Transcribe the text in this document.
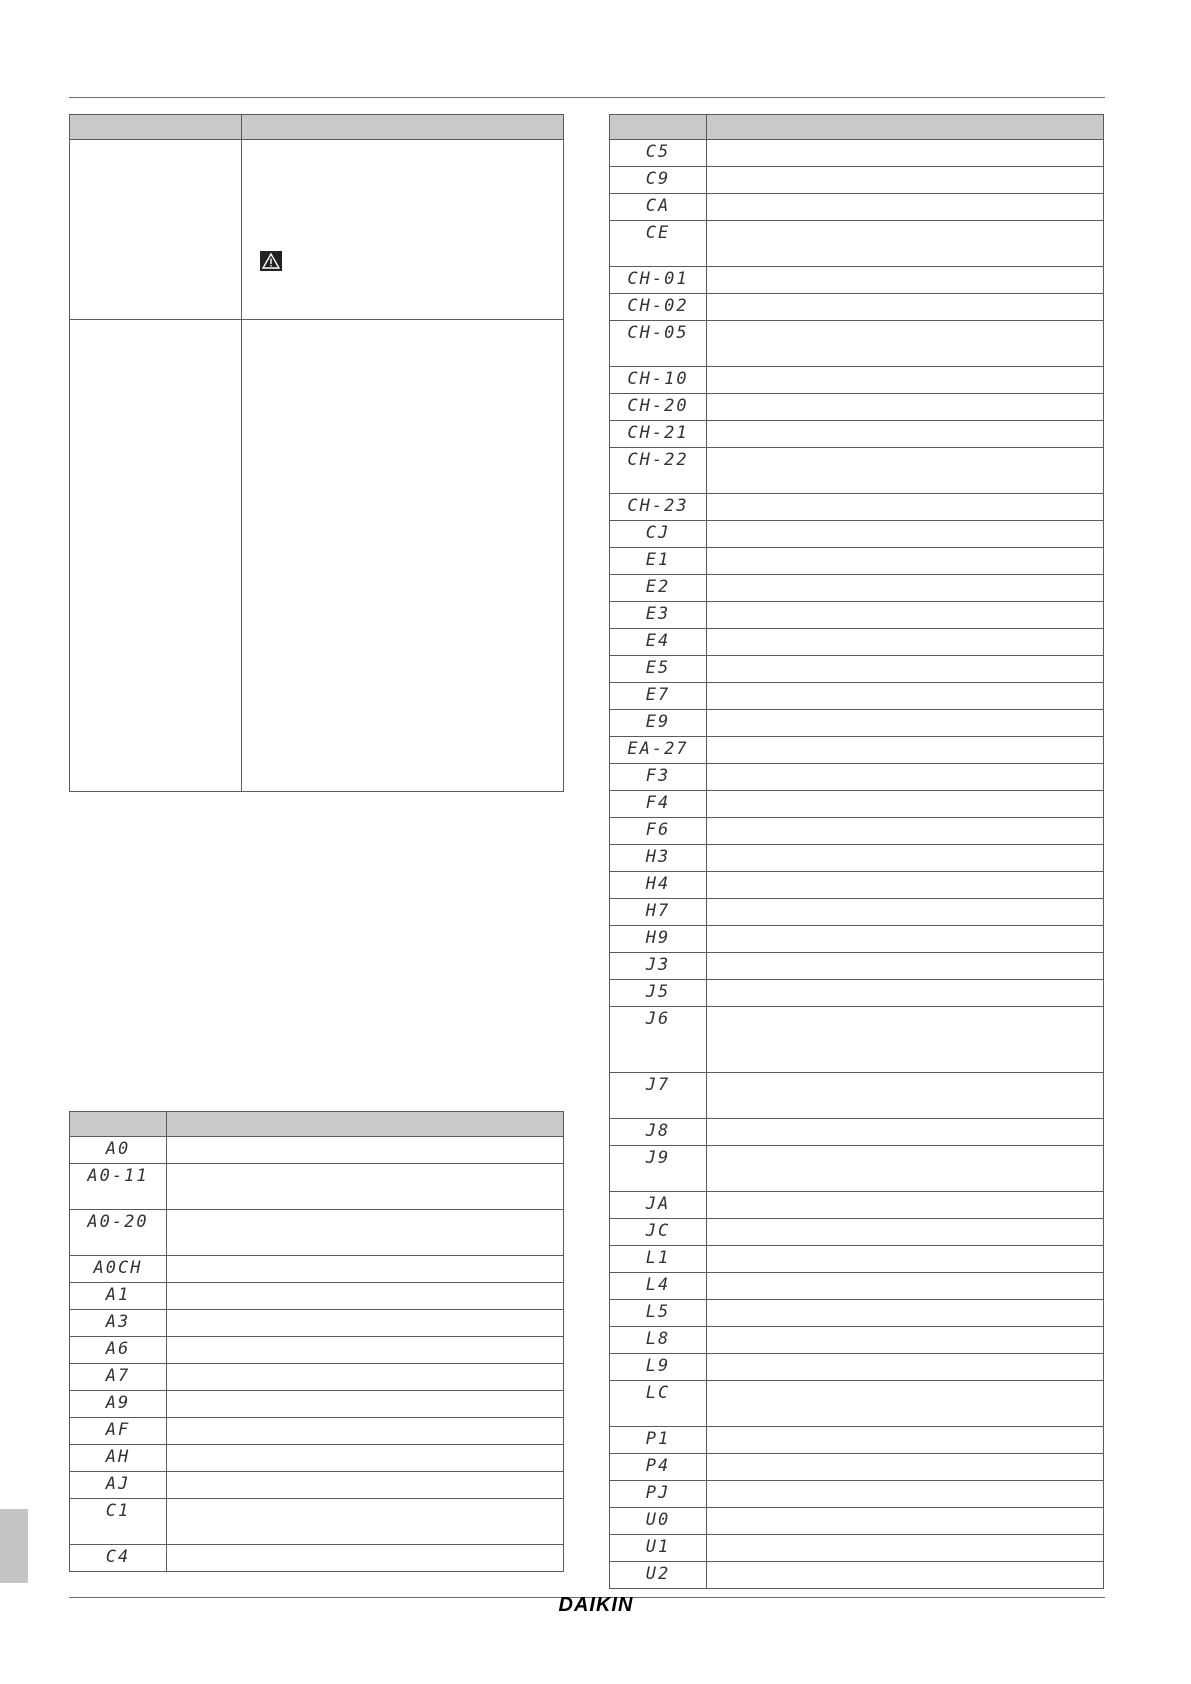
A0	
A0-11	
A0-20	
A0CH	
A1	
A3	
A6	
A7	
A9	
AF	
AH	
AJ	
C1	
C4	

C5	
C9	
CA	
CE	
CH-01	
CH-02	
CH-05	
CH-10	
CH-20	
CH-21	
CH-22	
CH-23	
CJ	
E1	
E2	
E3	
E4	
E5	
E7	
E9	
EA-27	
F3	
F4	
F6	
H3	
H4	
H7	
H9	
J3	
J5	
J6	
J7	
J8	
J9	
JA	
JC	
L1	
L4	
L5	
L8	
L9	
LC	
P1	
P4	
PJ	
U0	
U1	
U2	
DAIKIN
